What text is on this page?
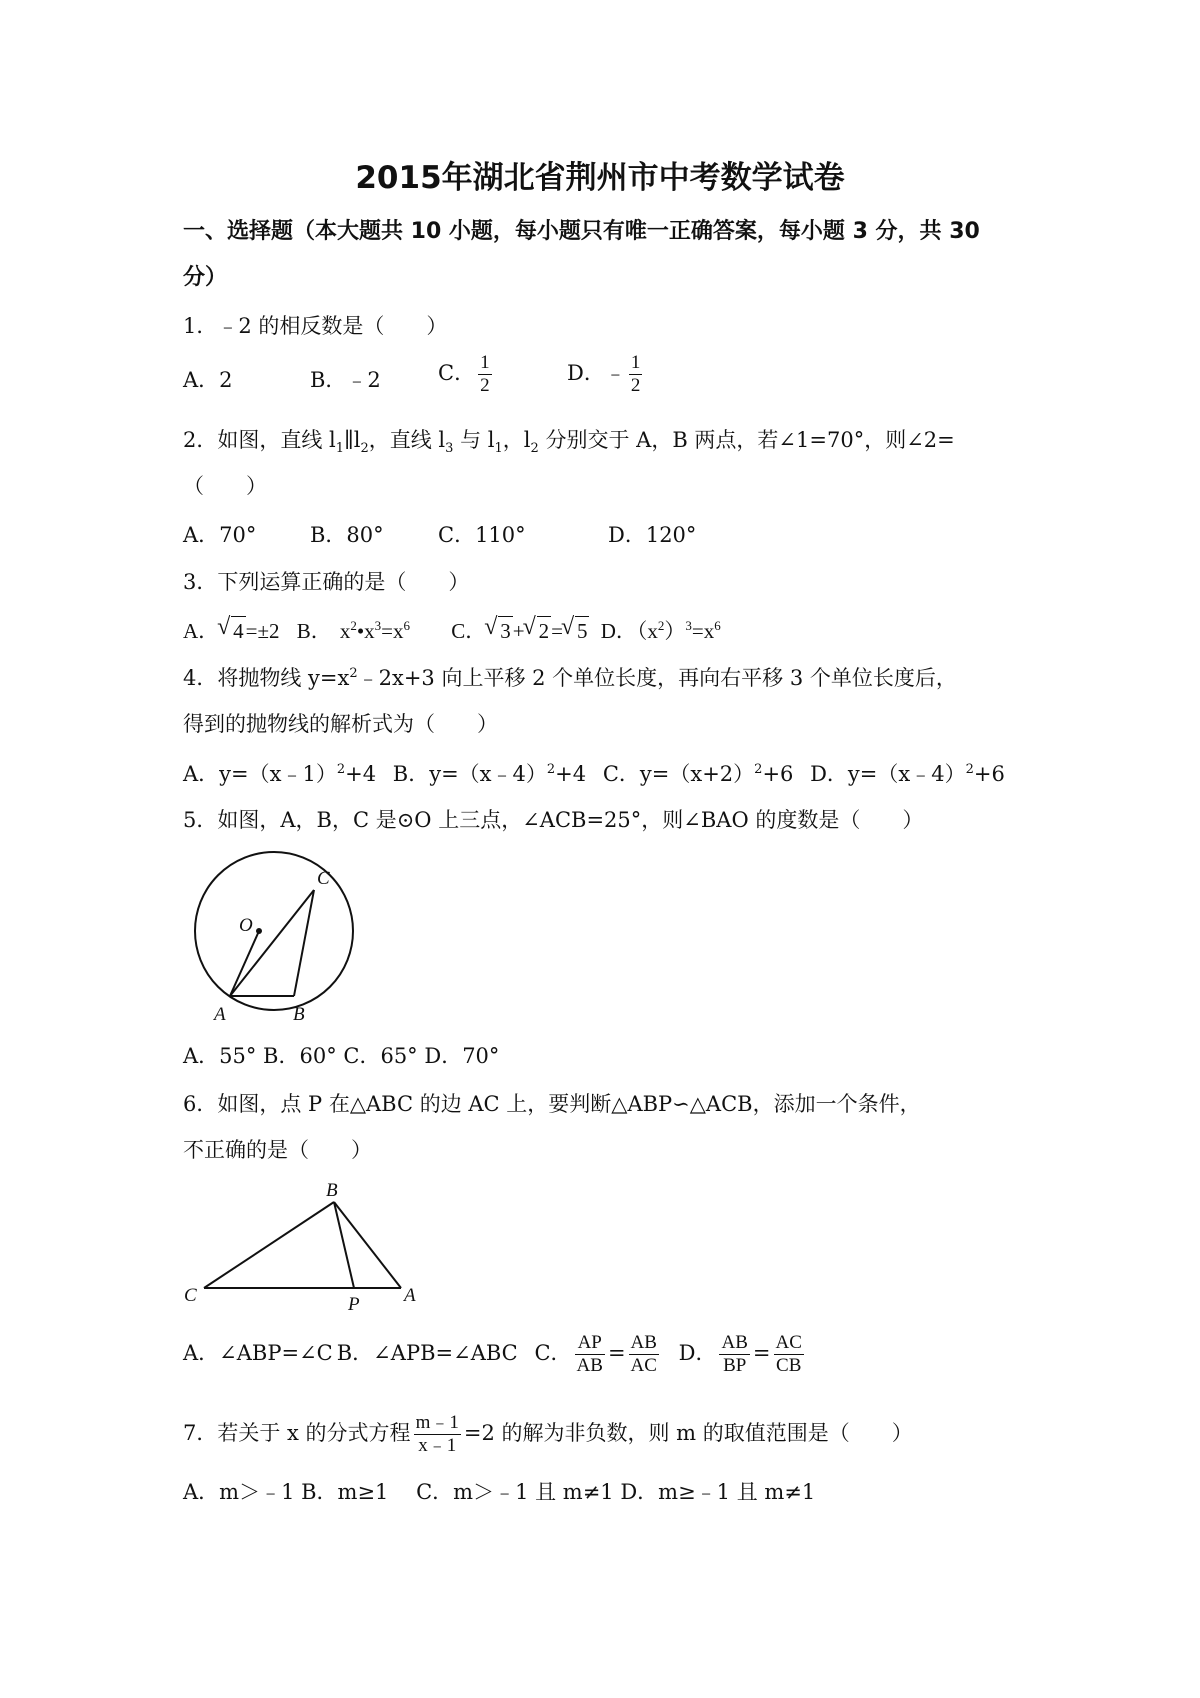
2015年湖北省荆州市中考数学试卷
一、选择题（本大题共 10 小题，每小题只有唯一正确答案，每小题 3 分，共 30
分）
1．﹣2 的相反数是（　　）
A．2	B．﹣2	C． $\frac{1}{2}$	D．﹣ $\frac{1}{2}$
2．如图，直线 $l_1\parallel l_2$，直线 $l_3$ 与 $l_1$，$l_2$ 分别交于 A，B 两点，若∠1=70°，则∠2=
（　　）
A．70°	B．80°	C．110°	D．120°
3．下列运算正确的是（　　）
A． √ 4=±2 B． $x^2•x^3=x^6$ C． √ 3+ √ 2= √ 5 D．$(x^2)^3=x^6$
4．将抛物线 $y=x^2﹣2x+3$ 向上平移 2 个单位长度，再向右平移 3 个单位长度后，
得到的抛物线的解析式为（　　）
A．y=（x﹣1）$^2$+4 B．y=（x﹣4）$^2$+4 C．$y=(x+2)^2+6$ D．y=（x﹣4）$^2$+6
5．如图，A，B，C 是⊙O 上三点，∠ACB=25°，则∠BAO 的度数是（　　）
O
A	B
C
A．55° B．60° C．65° D．70°
6．如图，点 P 在△ABC 的边 AC 上，要判断△ABP∽△ACB，添加一个条件，
不正确的是（　　）
B
C	P A
A．∠ABP=∠C B．∠APB=∠ABC C． $\frac{AP}{AB} = \frac{AB}{AC}$ D． $\frac{AB}{BP} = \frac{AC}{CB}$
7．若关于 x 的分式方程 $\frac{m﹣1}{x﹣1} =2$ 的解为非负数，则 m 的取值范围是（　　）
A．m＞﹣1 B．m≥1　 C．m＞﹣1 且 m≠1 D．m≥﹣1 且 m≠1
